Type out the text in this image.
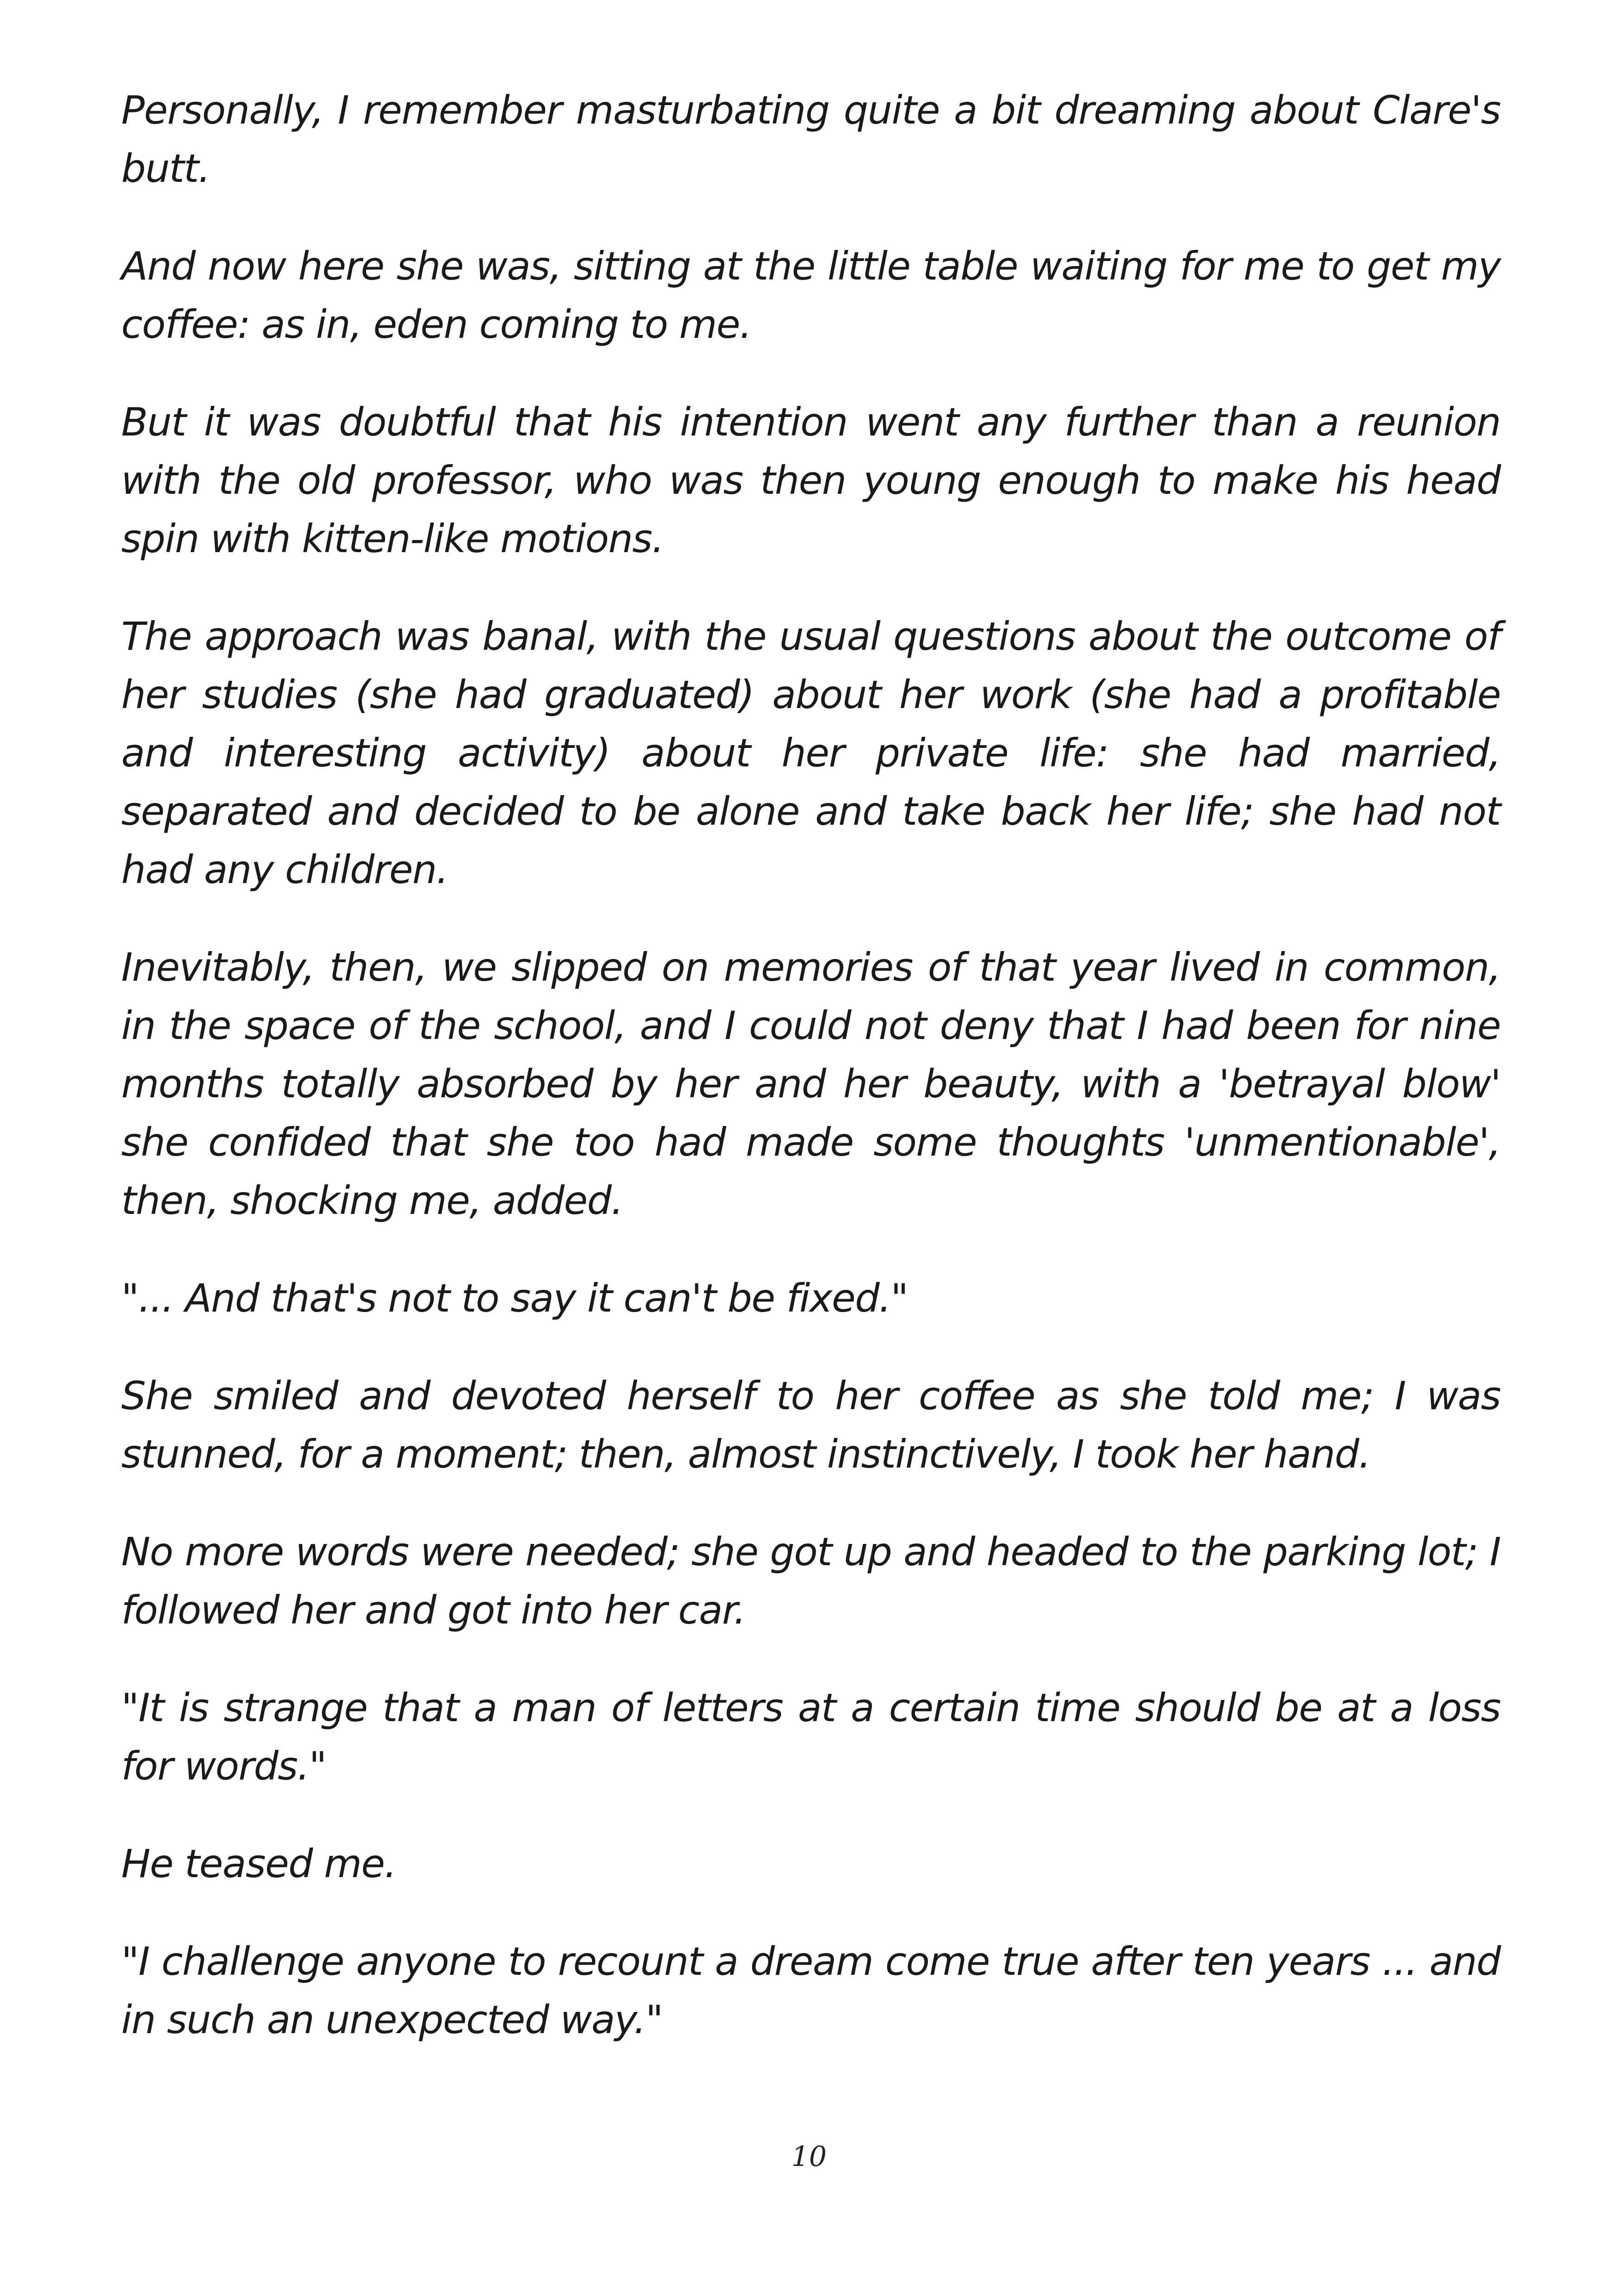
Personally, I remember masturbating quite a bit dreaming about Clare's butt.

And now here she was, sitting at the little table waiting for me to get my coffee: as in, eden coming to me.

But it was doubtful that his intention went any further than a reunion with the old professor, who was then young enough to make his head spin with kitten-like motions.

The approach was banal, with the usual questions about the outcome of her studies (she had graduated) about her work (she had a profitable and interesting activity) about her private life: she had married, separated and decided to be alone and take back her life; she had not had any children.

Inevitably, then, we slipped on memories of that year lived in common, in the space of the school, and I could not deny that I had been for nine months totally absorbed by her and her beauty, with a 'betrayal blow' she confided that she too had made some thoughts 'unmentionable', then, shocking me, added.

"... And that's not to say it can't be fixed."

She smiled and devoted herself to her coffee as she told me; I was stunned, for a moment; then, almost instinctively, I took her hand.

No more words were needed; she got up and headed to the parking lot; I followed her and got into her car.

"It is strange that a man of letters at a certain time should be at a loss for words."

He teased me.

"I challenge anyone to recount a dream come true after ten years ... and in such an unexpected way."

10
